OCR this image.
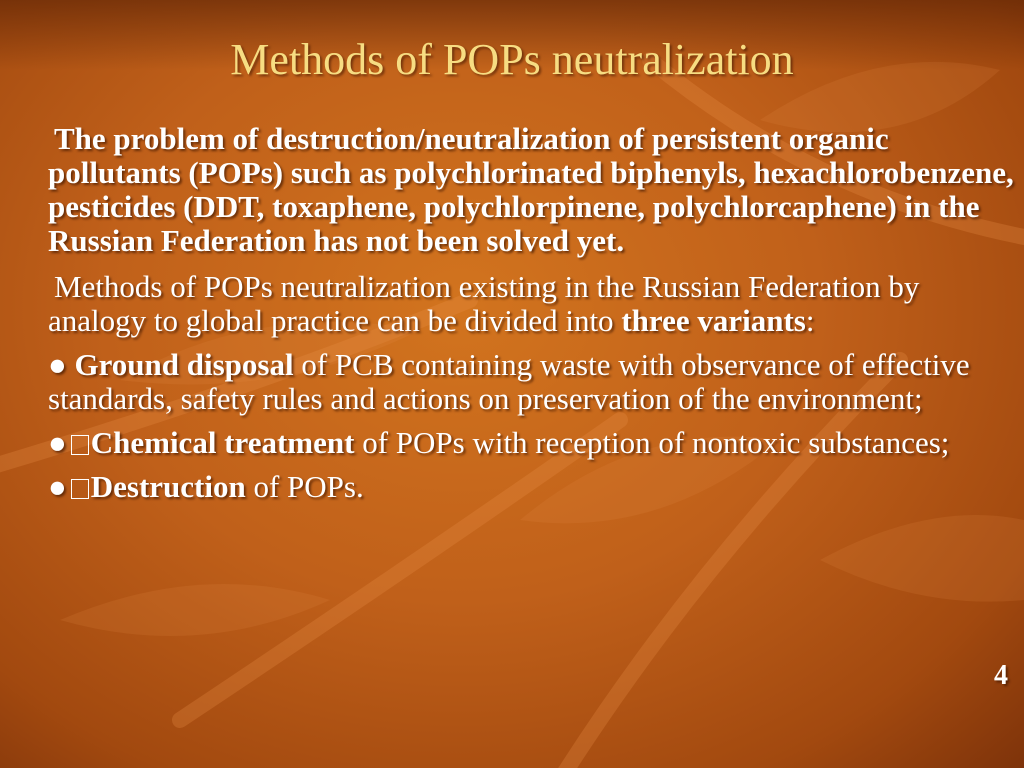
Methods of POPs neutralization

The problem of destruction/neutralization of persistent organic pollutants (POPs) such as polychlorinated biphenyls, hexachlorobenzene, pesticides (DDT, toxaphene, polychlorpinene, polychlorcaphene) in the Russian Federation has not been solved yet.

Methods of POPs neutralization existing in the Russian Federation by analogy to global practice can be divided into three variants:

● Ground disposal of PCB containing waste with observance of effective standards, safety rules and actions on preservation of the environment;

● Chemical treatment of POPs with reception of nontoxic substances;

● Destruction of POPs.

4
